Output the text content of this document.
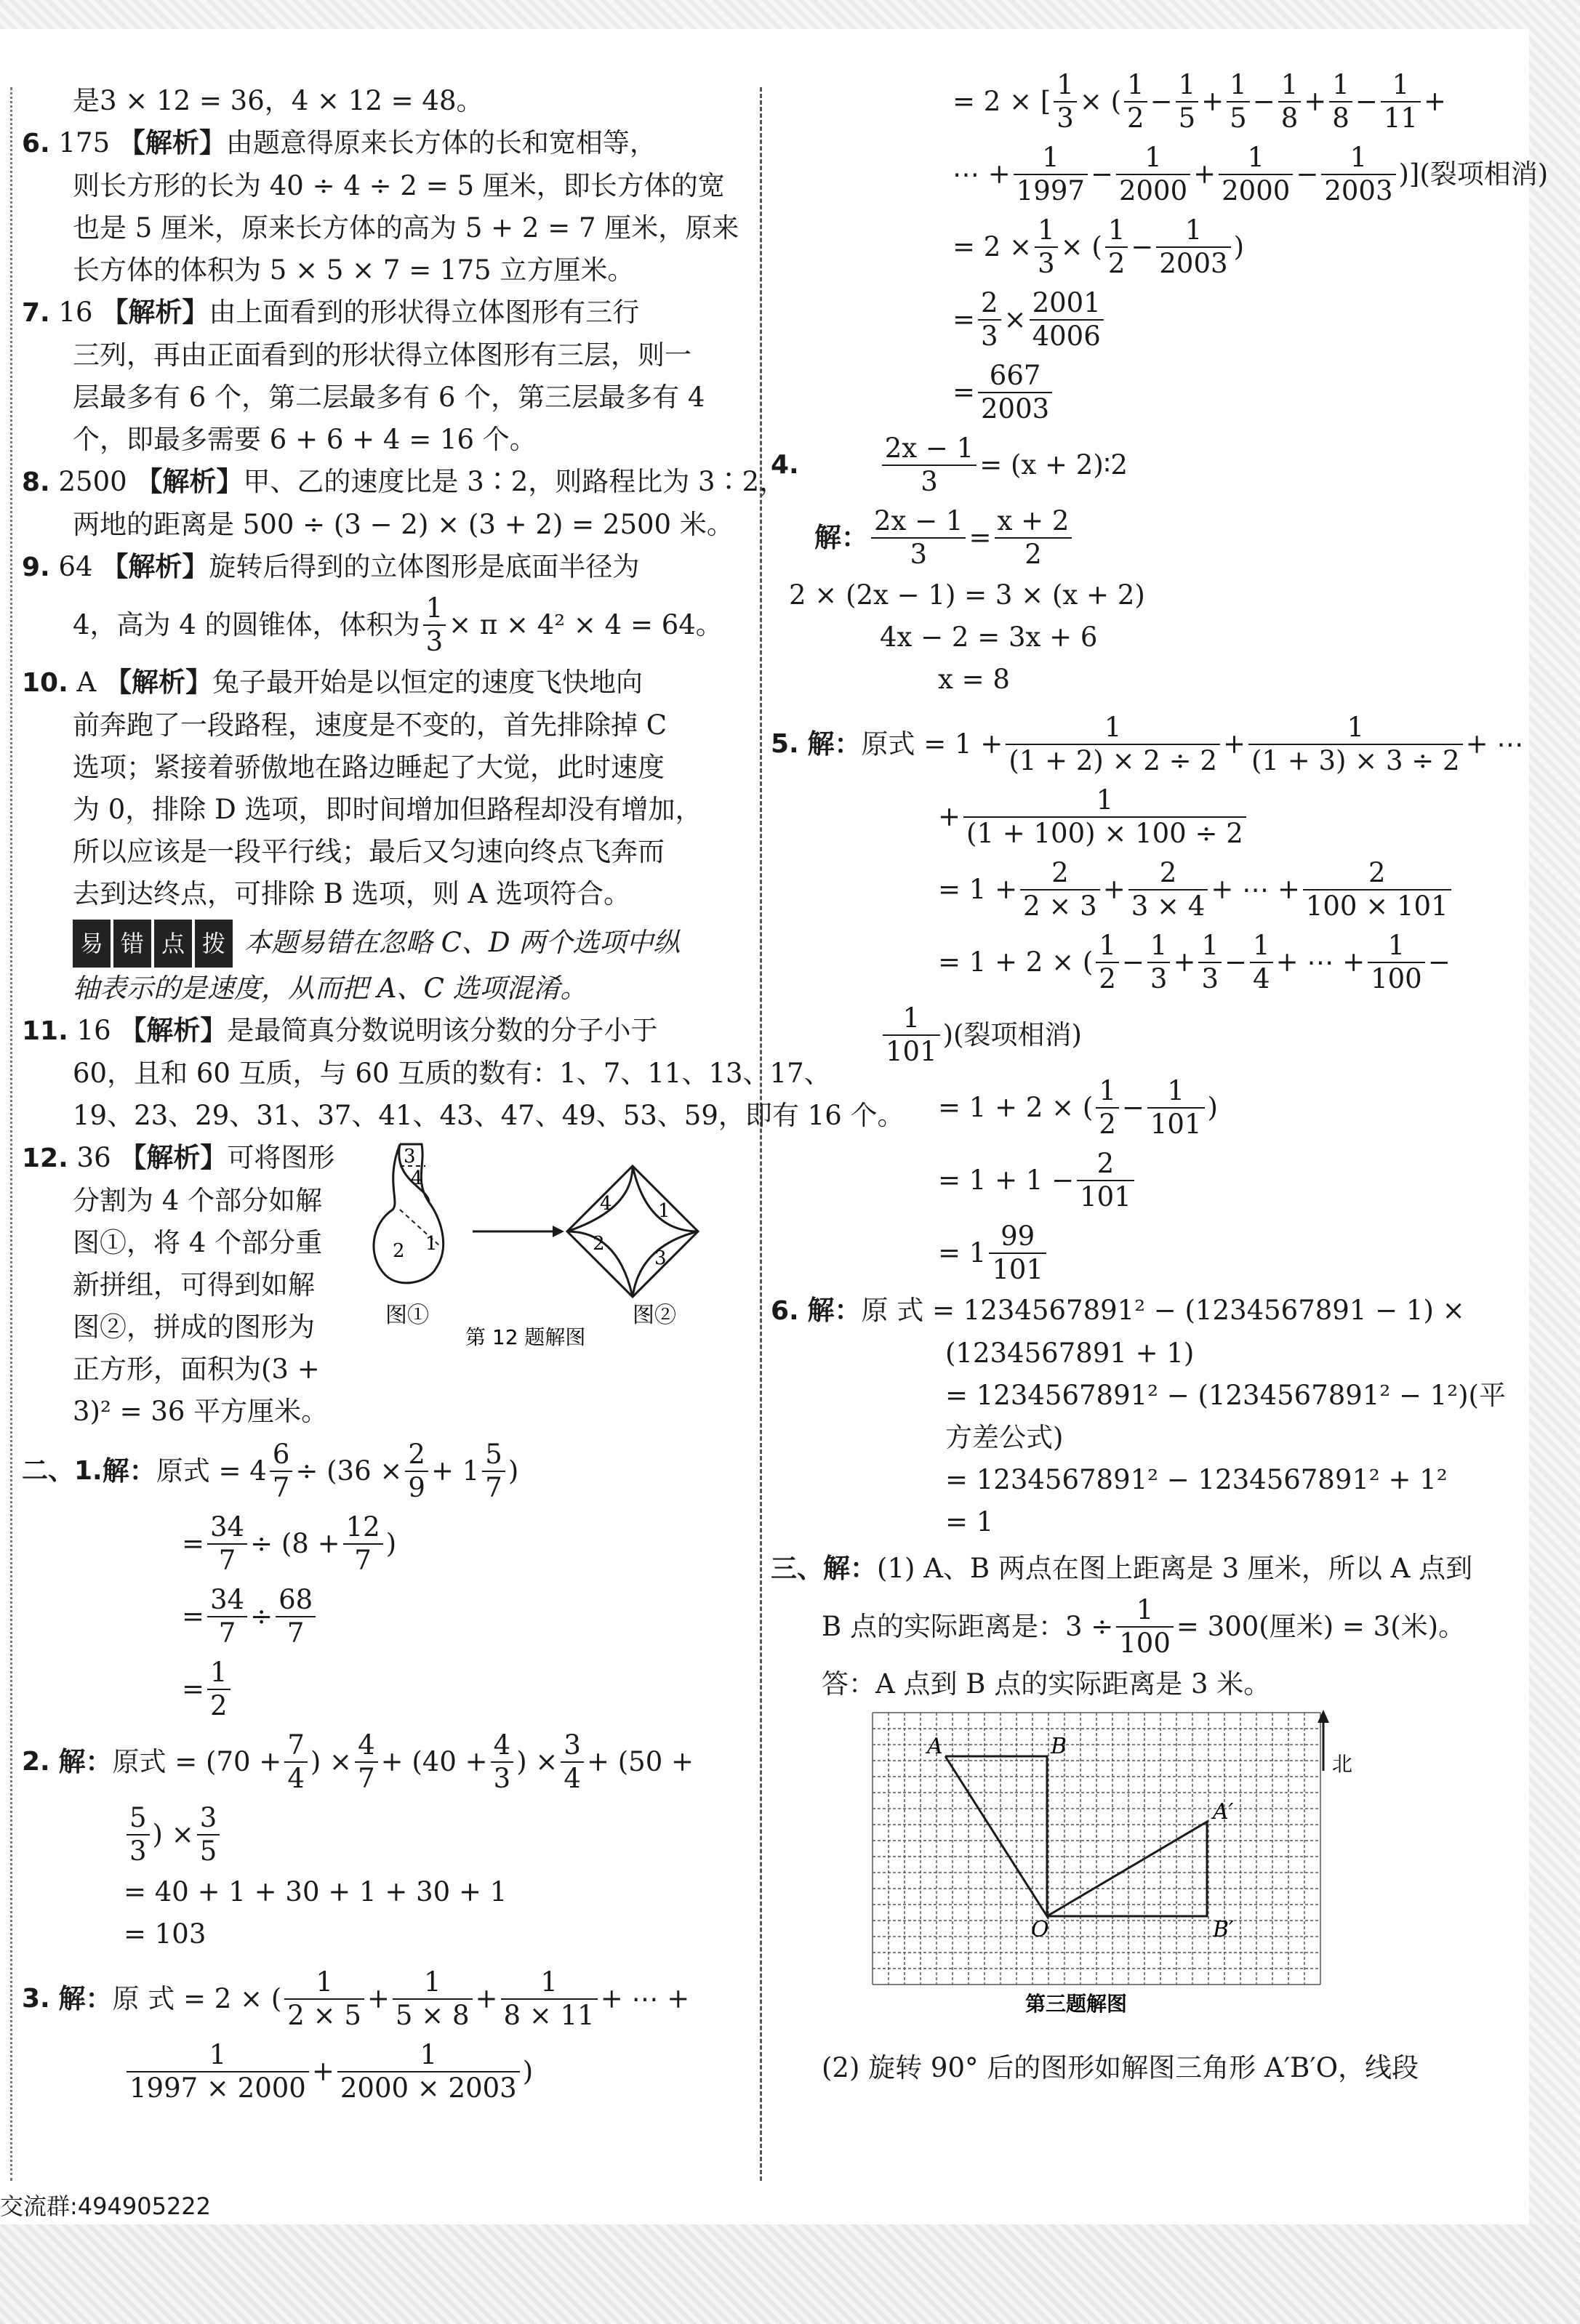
是3 × 12 = 36，4 × 12 = 48。
6. 175 【解析】由题意得原来长方体的长和宽相等，
则长方形的长为 40 ÷ 4 ÷ 2 = 5 厘米，即长方体的宽
也是 5 厘米，原来长方体的高为 5 + 2 = 7 厘米，原来
长方体的体积为 5 × 5 × 7 = 175 立方厘米。
7. 16 【解析】由上面看到的形状得立体图形有三行
三列，再由正面看到的形状得立体图形有三层，则一
层最多有 6 个，第二层最多有 6 个，第三层最多有 4
个，即最多需要 6 + 6 + 4 = 16 个。
8. 2500 【解析】甲、乙的速度比是 3∶2，则路程比为 3∶2，
两地的距离是 500 ÷ (3 − 2) × (3 + 2) = 2500 米。
9. 64 【解析】旋转后得到的立体图形是底面半径为
4，高为 4 的圆锥体，体积为 $\frac{1}{3} \times \pi \times 4^2 \times 4 = 64$。
10. A 【解析】兔子最开始是以恒定的速度飞快地向
前奔跑了一段路程，速度是不变的，首先排除掉 C
选项；紧接着骄傲地在路边睡起了大觉，此时速度
为 0，排除 D 选项，即时间增加但路程却没有增加，
所以应该是一段平行线；最后又匀速向终点飞奔而
去到达终点，可排除 B 选项，则 A 选项符合。
易 错 点 拨 本题易错在忽略 C、D 两个选项中纵
轴表示的是速度，从而把 A、C 选项混淆。
11. 16 【解析】是最简真分数说明该分数的分子小于
60，且和 60 互质，与 60 互质的数有：1、7、11、13、17、
19、23、29、31、37、41、43、47、49、53、59，即有 16 个。
12. 36 【解析】可将图形
分割为 4 个部分如解
图①，将 4 个部分重
新拼组，可得到如解
图②，拼成的图形为
正方形，面积为(3 +
3)² = 36 平方厘米。
3
4
1
2
4 1
2
3
图①	图②
第 12 题解图
二、1. 解： 原式 = $4 \frac{6}{7} \div (36 \times \frac{2}{9} + 1 \frac{5}{7}$ )
= $\frac{34}{7} \div (8 + \frac{12}{7}$ )
= $\frac{34}{7} \div \frac{68}{7}$
= $\frac{1}{2}$
2.
解： 原式 = ($70 + \frac{7}{4}$ ) × $\frac{4}{7} + (40 + \frac{4}{3}$ ) × $\frac{3}{4} + (50$ +
$\frac{5}{3}$ ) × $\frac{3}{5}$
= 40 + 1 + 30 + 1 + 30 + 1
= 103
3.
解： 原 式 = 2 × ( $\frac{1}{2 \times 5} + \frac{1}{5 \times 8} + \frac{1}{8 \times 11}$ + ⋯ +
$\frac{1}{1997 \times 2000} + \frac{1}{2000 \times 2003}$ )
= 2 × [ $\frac{1}{3}$ × ( $\frac{1}{2} - \frac{1}{5} + \frac{1}{5} - \frac{1}{8} + \frac{1}{8} - \frac{1}{11}$ +
⋯ + $\frac{1}{1997} - \frac{1}{2000} + \frac{1}{2000} - \frac{1}{2003}$ )](裂项相消)
= $2 \times \frac{1}{3}$ × ( $\frac{1}{2} - \frac{1}{2003}$ )
= $\frac{2}{3} \times \frac{2001}{4006}$
= $\frac{667}{2003}$
4.	$\frac{2x - 1}{3} = (x$ + 2)∶2
解： $\frac{2x - 1}{3} = \frac{x + 2}{2}$
2 × (2x − 1) = 3 × (x + 2)
4x − 2 = 3x + 6
x = 8
5.
解： 原式 = $1 + \frac{1}{(1 + 2) \times 2 \div 2} + \frac{1}{(1 + 3) \times 3 \div 2}$ + ⋯
+ $\frac{1}{(1 + 100) \times 100 \div 2}$
= $1 + \frac{2}{2 \times 3} + \frac{2}{3 \times 4}$ + ⋯ + $\frac{2}{100 \times 101}$
= 1 + 2 × ( $\frac{1}{2} - \frac{1}{3} + \frac{1}{3} - \frac{1}{4}$ + ⋯ + $\frac{1}{100}$ −
$\frac{1}{101}$ )(裂项相消)
= 1 + 2 × ( $\frac{1}{2} - \frac{1}{101}$ )
= $1 + 1 - \frac{2}{101}$
= $1 \frac{99}{101}$
6. 解：原 式 = 1234567891² − (1234567891 − 1) ×
(1234567891 + 1)
= 1234567891² − (1234567891² − 1²)(平
方差公式)
= 1234567891² − 1234567891² + 1²
= 1
三、解：(1) A、B 两点在图上距离是 3 厘米，所以 A 点到
B 点的实际距离是：$3 \div \frac{1}{100} = 300$(厘米) = 3(米)。
答：A 点到 B 点的实际距离是 3 米。
A	B
A′
B′
O
北
第三题解图
(2) 旋转 90° 后的图形如解图三角形 A′B′O，线段
交流群:494905222
